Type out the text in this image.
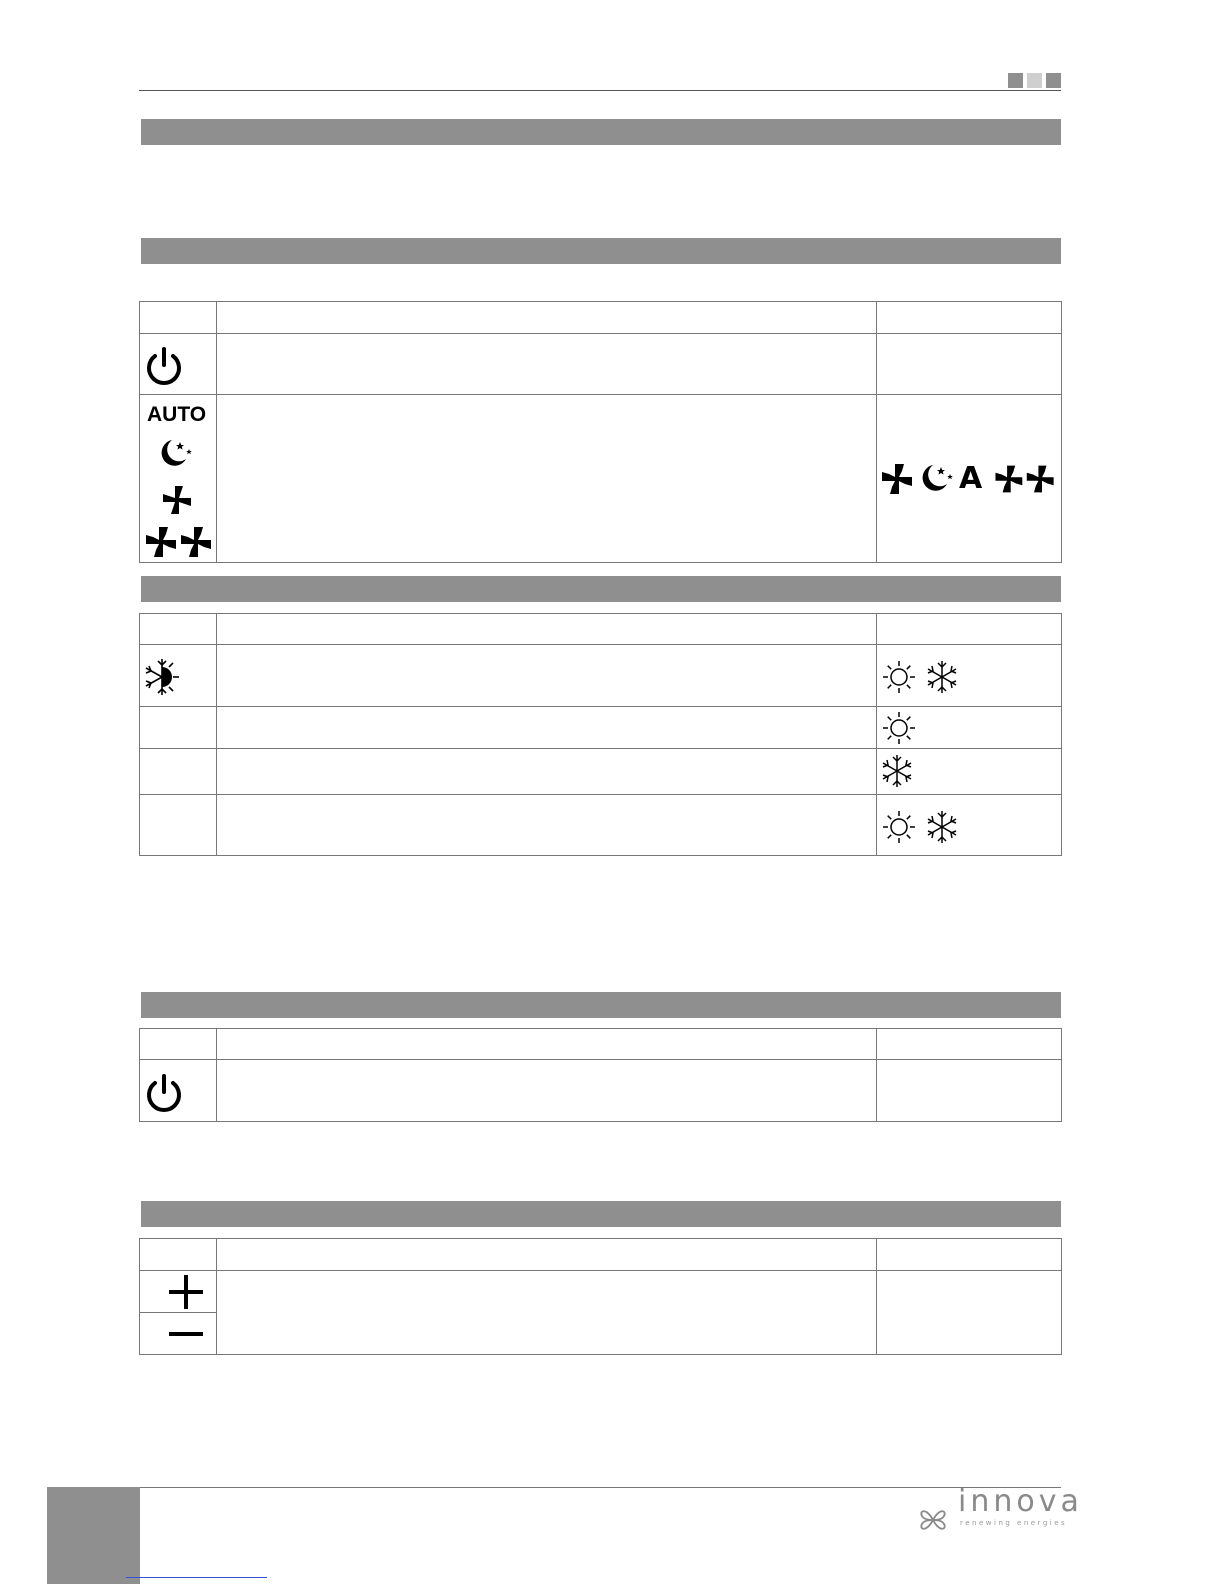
AUTO		A

innova
renewing energies
